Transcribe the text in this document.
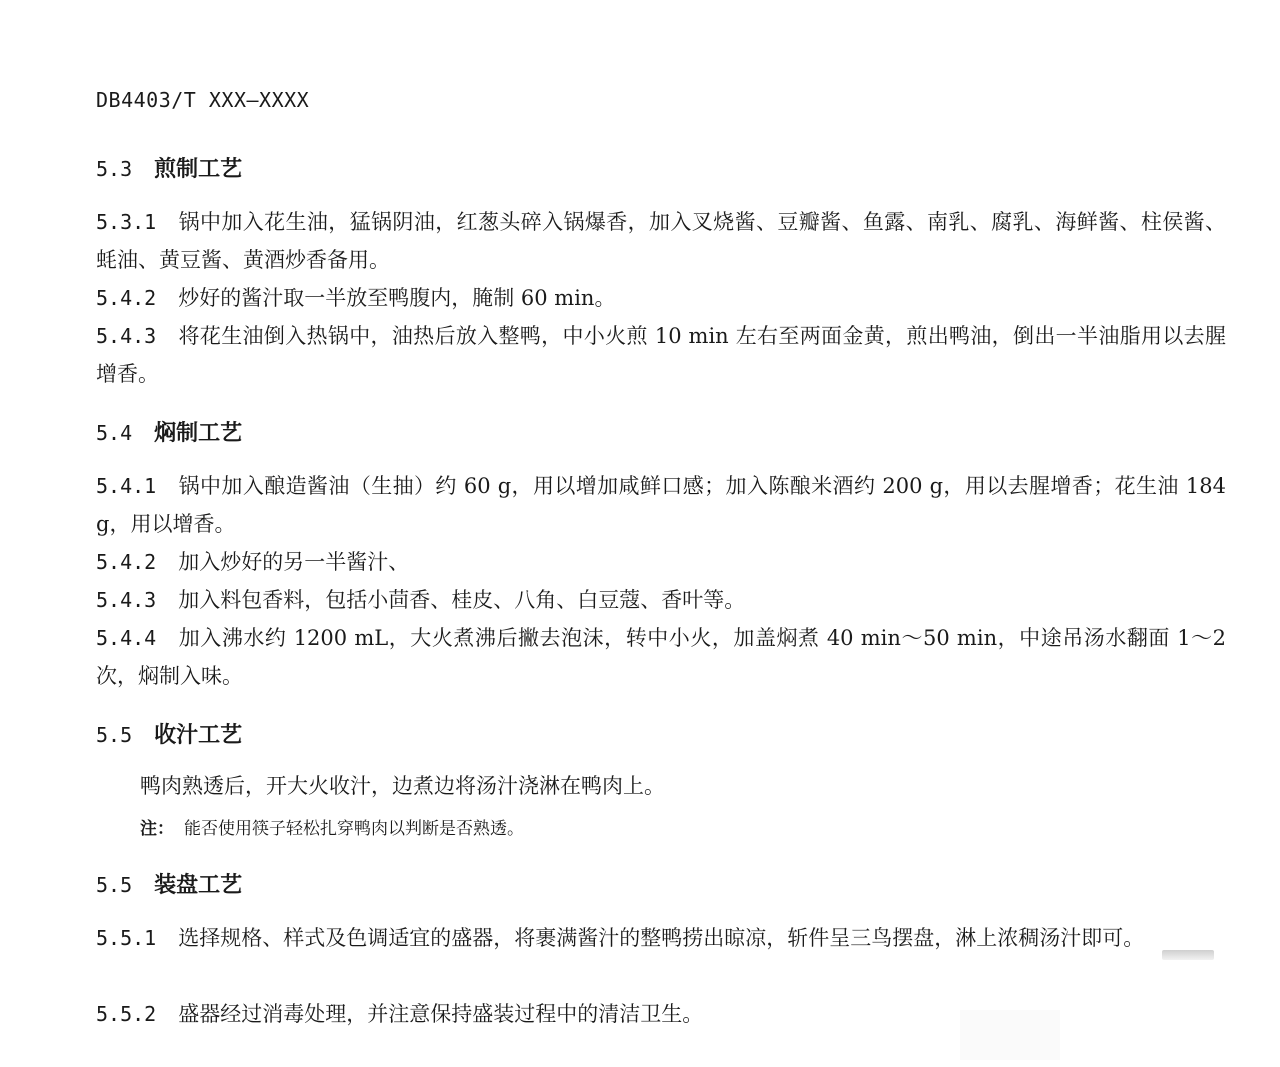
DB4403/T XXX—XXXX
5.3 煎制工艺
5.3.1 锅中加入花生油，猛锅阴油，红葱头碎入锅爆香，加入叉烧酱、豆瓣酱、鱼露、南乳、腐乳、海鲜酱、柱侯酱、蚝油、黄豆酱、黄酒炒香备用。
5.4.2 炒好的酱汁取一半放至鸭腹内，腌制 60 min。
5.4.3 将花生油倒入热锅中，油热后放入整鸭，中小火煎 10 min 左右至两面金黄，煎出鸭油，倒出一半油脂用以去腥增香。
5.4 焖制工艺
5.4.1 锅中加入酿造酱油（生抽）约 60 g，用以增加咸鲜口感；加入陈酿米酒约 200 g，用以去腥增香；花生油 184 g，用以增香。
5.4.2 加入炒好的另一半酱汁、
5.4.3 加入料包香料，包括小茴香、桂皮、八角、白豆蔻、香叶等。
5.4.4 加入沸水约 1200 mL，大火煮沸后撇去泡沫，转中小火，加盖焖煮 40 min～50 min，中途吊汤水翻面 1～2 次，焖制入味。
5.5 收汁工艺
鸭肉熟透后，开大火收汁，边煮边将汤汁浇淋在鸭肉上。
注： 能否使用筷子轻松扎穿鸭肉以判断是否熟透。
5.5 装盘工艺
5.5.1 选择规格、样式及色调适宜的盛器，将裹满酱汁的整鸭捞出晾凉，斩件呈三鸟摆盘，淋上浓稠汤汁即可。
5.5.2 盛器经过消毒处理，并注意保持盛装过程中的清洁卫生。
